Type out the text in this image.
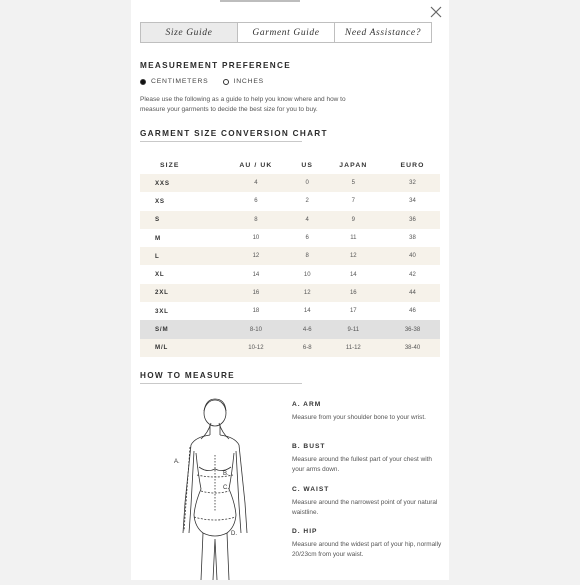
Size Guide	Garment Guide	Need Assistance?
MEASUREMENT PREFERENCE
CENTIMETERS	INCHES
Please use the following as a guide to help you know where and how to measure your garments to decide the best size for you to buy.
GARMENT SIZE CONVERSION CHART
SIZE	AU / UK	US	JAPAN	EURO
XXS	4	0	5	32
XS	6	2	7	34
S	8	4	9	36
M	10	6	11	38
L	12	8	12	40
XL	14	10	14	42
2XL	16	12	16	44
3XL	18	14	17	46
S/M	8-10	4-6	9-11	36-38
M/L	10-12	6-8	11-12	38-40
HOW TO MEASURE
A.
B.
C.
D.
A. ARM
Measure from your shoulder bone to your wrist.
B. BUST
Measure around the fullest part of your chest with your arms down.
C. WAIST
Measure around the narrowest point of your natural waistline.
D. HIP
Measure around the widest part of your hip, normally 20/23cm from your waist.
